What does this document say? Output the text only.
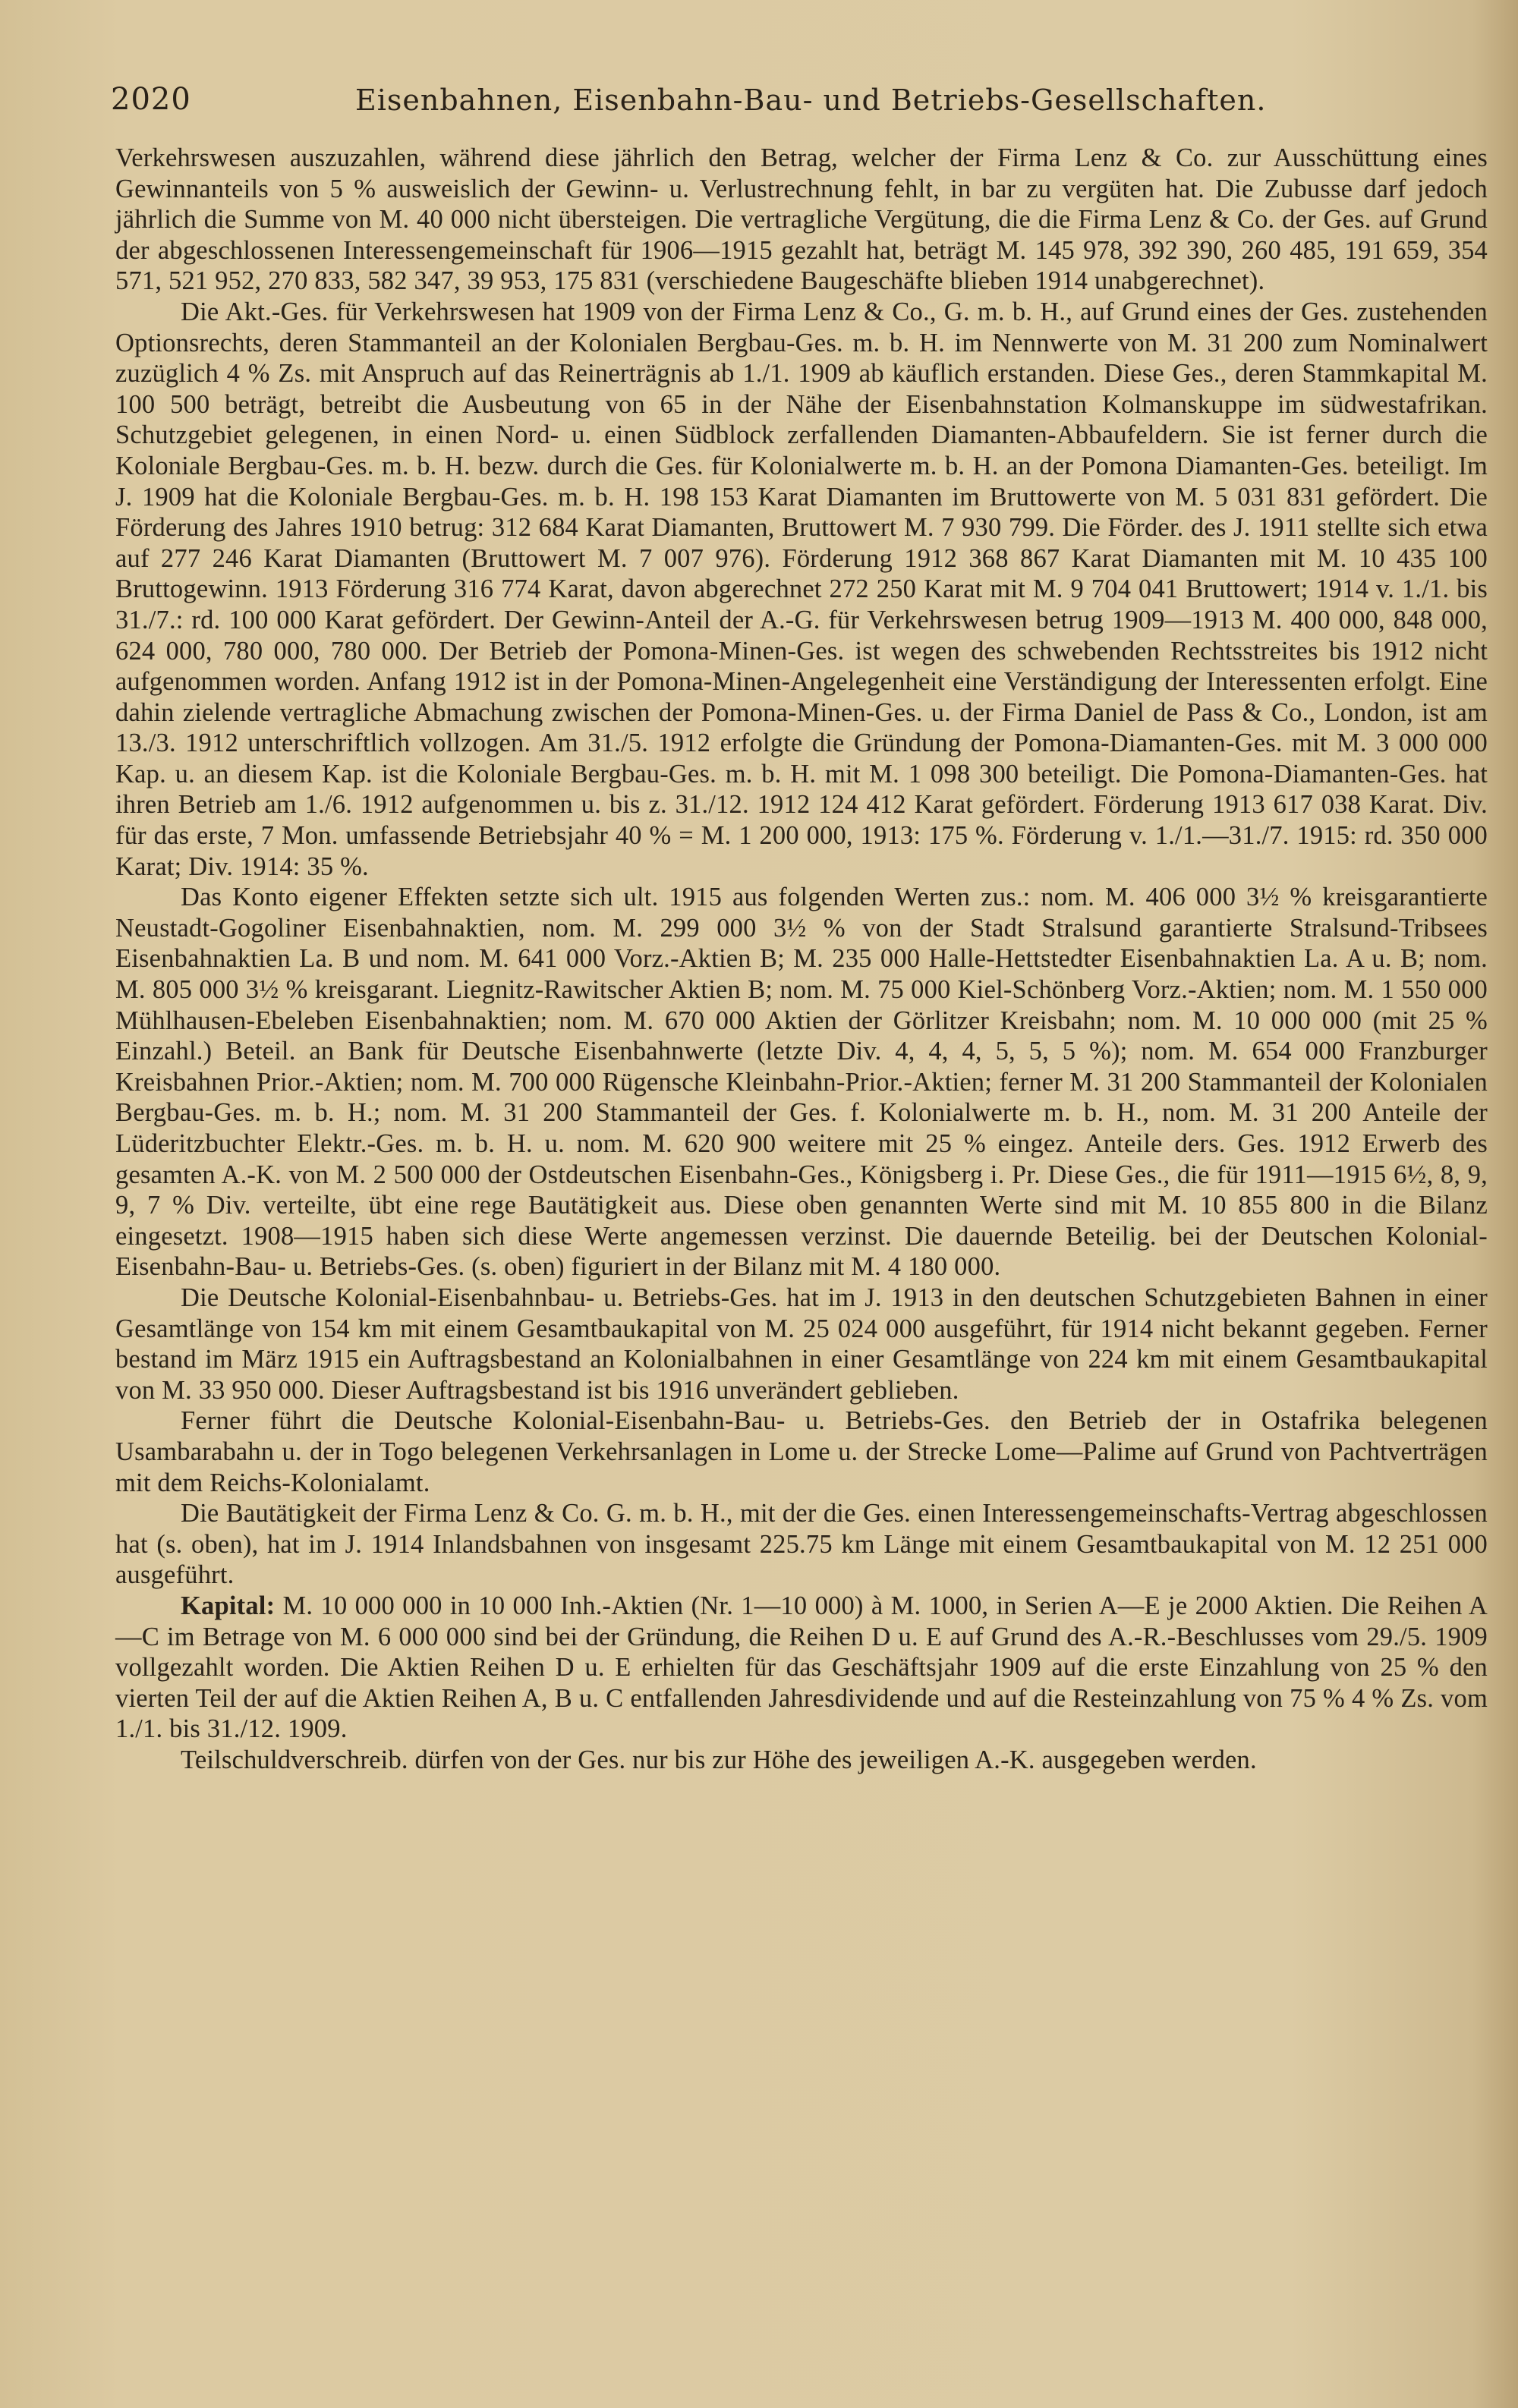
2020	Eisenbahnen, Eisenbahn-Bau- und Betriebs-Gesellschaften.

Verkehrswesen auszuzahlen, während diese jährlich den Betrag, welcher der Firma Lenz & Co. zur Ausschüttung eines Gewinnanteils von 5 % ausweislich der Gewinn- u. Verlustrechnung fehlt, in bar zu vergüten hat. Die Zubusse darf jedoch jährlich die Summe von M. 40 000 nicht übersteigen. Die vertragliche Vergütung, die die Firma Lenz & Co. der Ges. auf Grund der abgeschlossenen Interessengemeinschaft für 1906—1915 gezahlt hat, beträgt M. 145 978, 392 390, 260 485, 191 659, 354 571, 521 952, 270 833, 582 347, 39 953, 175 831 (verschiedene Baugeschäfte blieben 1914 unabgerechnet).

Die Akt.-Ges. für Verkehrswesen hat 1909 von der Firma Lenz & Co., G. m. b. H., auf Grund eines der Ges. zustehenden Optionsrechts, deren Stammanteil an der Kolonialen Bergbau-Ges. m. b. H. im Nennwerte von M. 31 200 zum Nominalwert zuzüglich 4 % Zs. mit Anspruch auf das Reinerträgnis ab 1./1. 1909 ab käuflich erstanden. Diese Ges., deren Stammkapital M. 100 500 beträgt, betreibt die Ausbeutung von 65 in der Nähe der Eisenbahnstation Kolmanskuppe im südwestafrikan. Schutzgebiet gelegenen, in einen Nord- u. einen Südblock zerfallenden Diamanten-Abbaufeldern. Sie ist ferner durch die Koloniale Bergbau-Ges. m. b. H. bezw. durch die Ges. für Kolonialwerte m. b. H. an der Pomona Diamanten-Ges. beteiligt. Im J. 1909 hat die Koloniale Bergbau-Ges. m. b. H. 198 153 Karat Diamanten im Bruttowerte von M. 5 031 831 gefördert. Die Förderung des Jahres 1910 betrug: 312 684 Karat Diamanten, Bruttowert M. 7 930 799. Die Förder. des J. 1911 stellte sich etwa auf 277 246 Karat Diamanten (Bruttowert M. 7 007 976). Förderung 1912 368 867 Karat Diamanten mit M. 10 435 100 Bruttogewinn. 1913 Förderung 316 774 Karat, davon abgerechnet 272 250 Karat mit M. 9 704 041 Bruttowert; 1914 v. 1./1. bis 31./7.: rd. 100 000 Karat gefördert. Der Gewinn-Anteil der A.-G. für Verkehrswesen betrug 1909—1913 M. 400 000, 848 000, 624 000, 780 000, 780 000. Der Betrieb der Pomona-Minen-Ges. ist wegen des schwebenden Rechtsstreites bis 1912 nicht aufgenommen worden. Anfang 1912 ist in der Pomona-Minen-Angelegenheit eine Verständigung der Interessenten erfolgt. Eine dahin zielende vertragliche Abmachung zwischen der Pomona-Minen-Ges. u. der Firma Daniel de Pass & Co., London, ist am 13./3. 1912 unterschriftlich vollzogen. Am 31./5. 1912 erfolgte die Gründung der Pomona-Diamanten-Ges. mit M. 3 000 000 Kap. u. an diesem Kap. ist die Koloniale Bergbau-Ges. m. b. H. mit M. 1 098 300 beteiligt. Die Pomona-Diamanten-Ges. hat ihren Betrieb am 1./6. 1912 aufgenommen u. bis z. 31./12. 1912 124 412 Karat gefördert. Förderung 1913 617 038 Karat. Div. für das erste, 7 Mon. umfassende Betriebsjahr 40 % = M. 1 200 000, 1913: 175 %. Förderung v. 1./1.—31./7. 1915: rd. 350 000 Karat; Div. 1914: 35 %.

Das Konto eigener Effekten setzte sich ult. 1915 aus folgenden Werten zus.: nom. M. 406 000 3½ % kreisgarantierte Neustadt-Gogoliner Eisenbahnaktien, nom. M. 299 000 3½ % von der Stadt Stralsund garantierte Stralsund-Tribsees Eisenbahnaktien La. B und nom. M. 641 000 Vorz.-Aktien B; M. 235 000 Halle-Hettstedter Eisenbahnaktien La. A u. B; nom. M. 805 000 3½ % kreisgarant. Liegnitz-Rawitscher Aktien B; nom. M. 75 000 Kiel-Schönberg Vorz.-Aktien; nom. M. 1 550 000 Mühlhausen-Ebeleben Eisenbahnaktien; nom. M. 670 000 Aktien der Görlitzer Kreisbahn; nom. M. 10 000 000 (mit 25 % Einzahl.) Beteil. an Bank für Deutsche Eisenbahnwerte (letzte Div. 4, 4, 4, 5, 5, 5 %); nom. M. 654 000 Franzburger Kreisbahnen Prior.-Aktien; nom. M. 700 000 Rügensche Kleinbahn-Prior.-Aktien; ferner M. 31 200 Stammanteil der Kolonialen Bergbau-Ges. m. b. H.; nom. M. 31 200 Stammanteil der Ges. f. Kolonialwerte m. b. H., nom. M. 31 200 Anteile der Lüderitzbuchter Elektr.-Ges. m. b. H. u. nom. M. 620 900 weitere mit 25 % eingez. Anteile ders. Ges. 1912 Erwerb des gesamten A.-K. von M. 2 500 000 der Ostdeutschen Eisenbahn-Ges., Königsberg i. Pr. Diese Ges., die für 1911—1915 6½, 8, 9, 9, 7 % Div. verteilte, übt eine rege Bautätigkeit aus. Diese oben genannten Werte sind mit M. 10 855 800 in die Bilanz eingesetzt. 1908—1915 haben sich diese Werte angemessen verzinst. Die dauernde Beteilig. bei der Deutschen Kolonial-Eisenbahn-Bau- u. Betriebs-Ges. (s. oben) figuriert in der Bilanz mit M. 4 180 000.

Die Deutsche Kolonial-Eisenbahnbau- u. Betriebs-Ges. hat im J. 1913 in den deutschen Schutzgebieten Bahnen in einer Gesamtlänge von 154 km mit einem Gesamtbaukapital von M. 25 024 000 ausgeführt, für 1914 nicht bekannt gegeben. Ferner bestand im März 1915 ein Auftragsbestand an Kolonialbahnen in einer Gesamtlänge von 224 km mit einem Gesamtbaukapital von M. 33 950 000. Dieser Auftragsbestand ist bis 1916 unverändert geblieben.

Ferner führt die Deutsche Kolonial-Eisenbahn-Bau- u. Betriebs-Ges. den Betrieb der in Ostafrika belegenen Usambarabahn u. der in Togo belegenen Verkehrsanlagen in Lome u. der Strecke Lome—Palime auf Grund von Pachtverträgen mit dem Reichs-Kolonialamt.

Die Bautätigkeit der Firma Lenz & Co. G. m. b. H., mit der die Ges. einen Interessengemeinschafts-Vertrag abgeschlossen hat (s. oben), hat im J. 1914 Inlandsbahnen von insgesamt 225.75 km Länge mit einem Gesamtbaukapital von M. 12 251 000 ausgeführt.

Kapital: M. 10 000 000 in 10 000 Inh.-Aktien (Nr. 1—10 000) à M. 1000, in Serien A—E je 2000 Aktien. Die Reihen A—C im Betrage von M. 6 000 000 sind bei der Gründung, die Reihen D u. E auf Grund des A.-R.-Beschlusses vom 29./5. 1909 vollgezahlt worden. Die Aktien Reihen D u. E erhielten für das Geschäftsjahr 1909 auf die erste Einzahlung von 25 % den vierten Teil der auf die Aktien Reihen A, B u. C entfallenden Jahresdividende und auf die Resteinzahlung von 75 % 4 % Zs. vom 1./1. bis 31./12. 1909.

Teilschuldverschreib. dürfen von der Ges. nur bis zur Höhe des jeweiligen A.-K. ausgegeben werden.
